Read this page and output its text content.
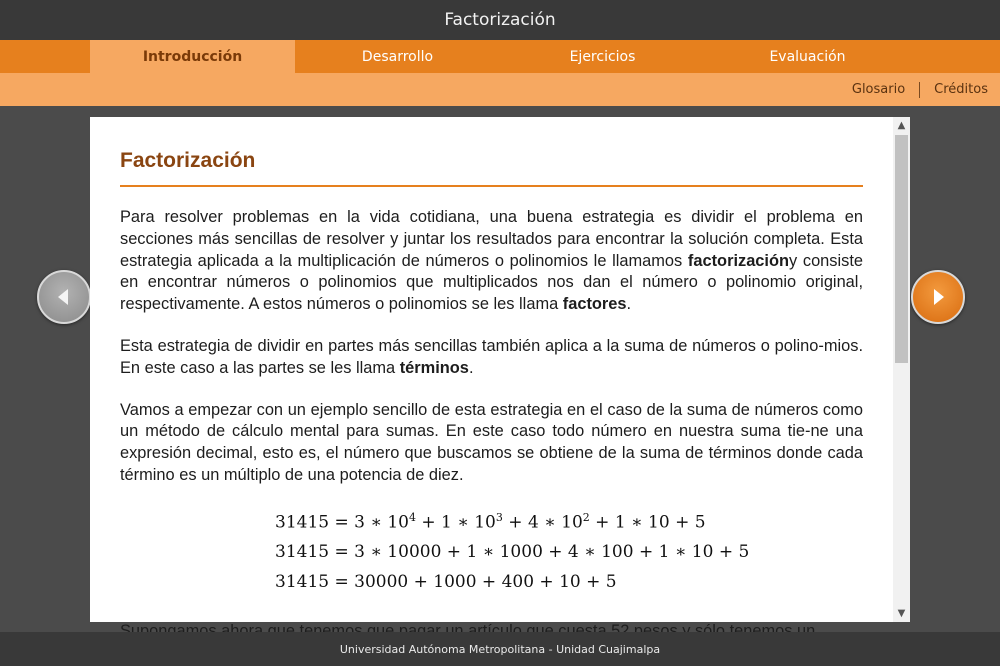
Factorización
Introducción	Desarrollo	Ejercicios	Evaluación
Glosario Créditos
Factorización

Para resolver problemas en la vida cotidiana, una buena estrategia es dividir el problema en secciones más sencillas de resolver y juntar los resultados para encontrar la solución completa. Esta estrategia aplicada a la multiplicación de números o polinomios le llamamos factorizacióny consiste en encontrar números o polinomios que multiplicados nos dan el número o polinomio original, respectivamente. A estos números o polinomios se les llama factores.

Esta estrategia de dividir en partes más sencillas también aplica a la suma de números o polino-mios. En este caso a las partes se les llama términos.

Vamos a empezar con un ejemplo sencillo de esta estrategia en el caso de la suma de números como un método de cálculo mental para sumas. En este caso todo número en nuestra suma tie-ne una expresión decimal, esto es, el número que buscamos se obtiene de la suma de términos donde cada término es un múltiplo de una potencia de diez.

31415 = 3 ∗ $10^4 + 1$ ∗ $10^3 + 4$ ∗ $10^2 + 1$ ∗ 10 + 5
31415 = 3 ∗ 10000 + 1 ∗ 1000 + 4 ∗ 100 + 1 ∗ 10 + 5
31415 = 30000 + 1000 + 400 + 10 + 5

▲
▼
Universidad Autónoma Metropolitana - Unidad Cuajimalpa
